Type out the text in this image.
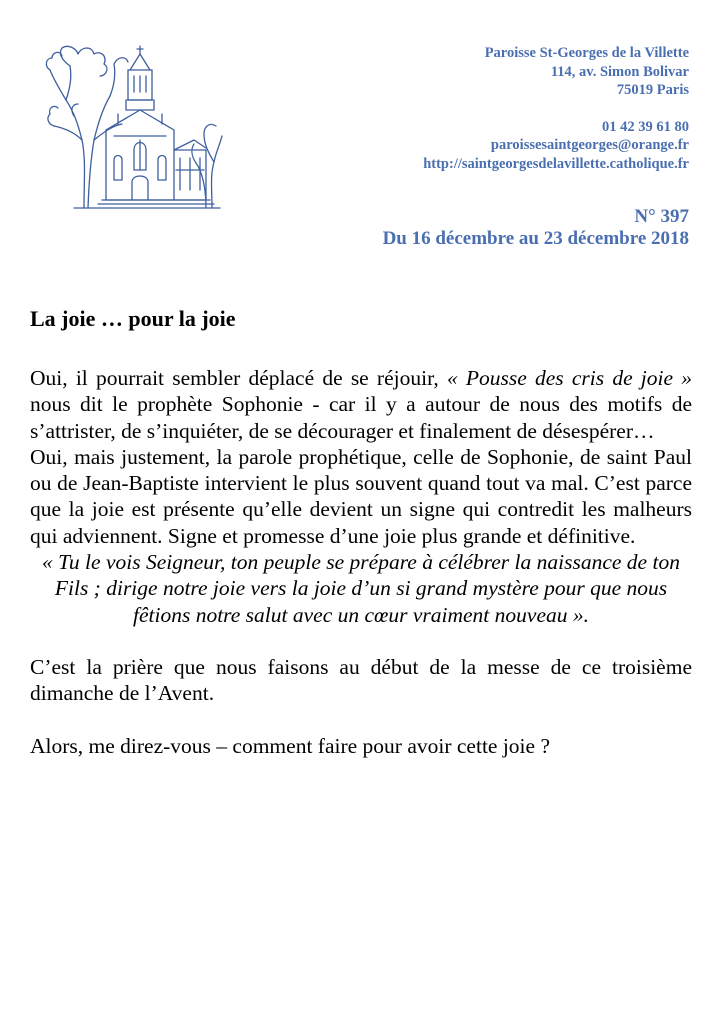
Paroisse St-Georges de la Villette
114, av. Simon Bolivar
75019 Paris
01 42 39 61 80
paroissesaintgeorges@orange.fr
http://saintgeorgesdelavillette.catholique.fr
N° 397
Du 16 décembre au 23 décembre 2018
La joie … pour la joie

Oui, il pourrait sembler déplacé de se réjouir, « Pousse des cris de joie » nous dit le prophète Sophonie - car il y a autour de nous des motifs de s’attrister, de s’inquiéter, de se décourager et finalement de désespérer…

Oui, mais justement, la parole prophétique, celle de Sophonie, de saint Paul ou de Jean-Baptiste intervient le plus souvent quand tout va mal. C’est parce que la joie est présente qu’elle devient un signe qui contredit les malheurs qui adviennent. Signe et promesse d’une joie plus grande et définitive.

« Tu le vois Seigneur, ton peuple se prépare à célébrer la naissance de ton Fils ; dirige notre joie vers la joie d’un si grand mystère pour que nous fêtions notre salut avec un cœur vraiment nouveau ».

C’est la prière que nous faisons au début de la messe de ce troisième dimanche de l’Avent.

Alors, me direz-vous – comment faire pour avoir cette joie ?
